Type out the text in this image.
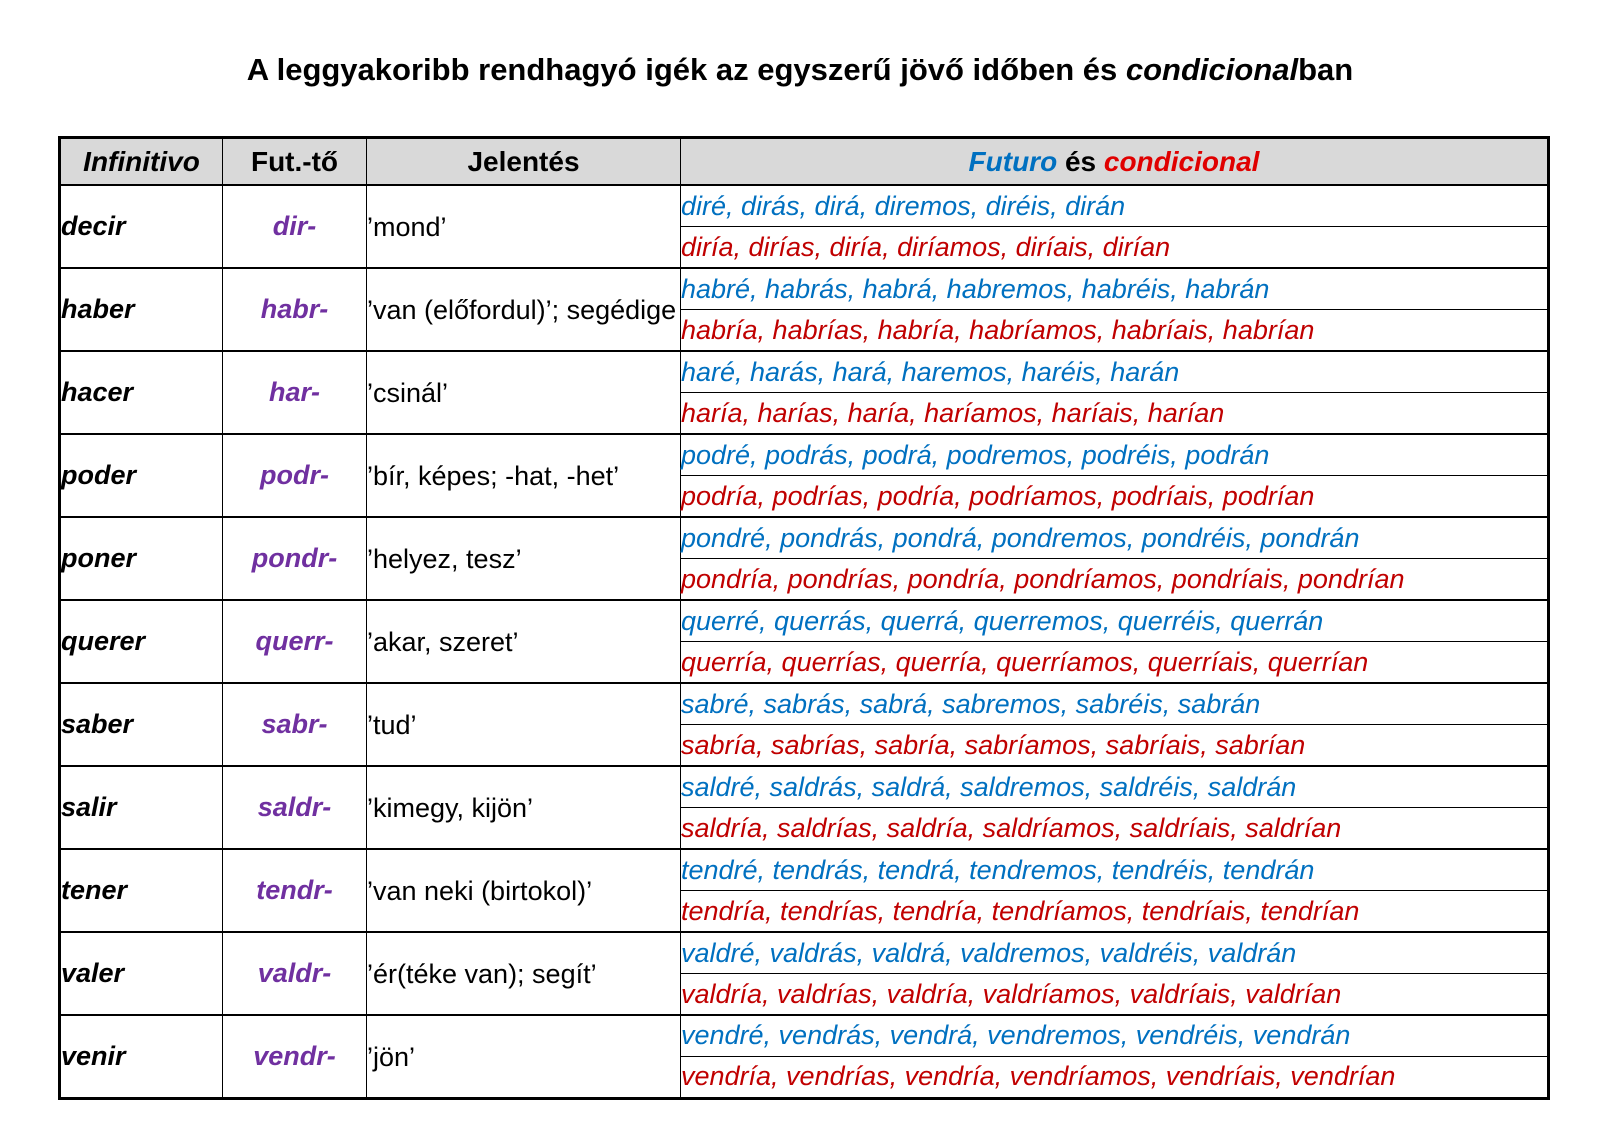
A leggyakoribb rendhagyó igék az egyszerű jövő időben és condicionalban
Infinitivo	Fut.-tő	Jelentés	Futuro és condicional
decir	dir-	’mond’	diré, dirás, dirá, diremos, diréis, dirán
			diría, dirías, diría, diríamos, diríais, dirían
haber	habr-	’van (előfordul)’; segédige	habré, habrás, habrá, habremos, habréis, habrán
			habría, habrías, habría, habríamos, habríais, habrían
hacer	har-	’csinál’	haré, harás, hará, haremos, haréis, harán
			haría, harías, haría, haríamos, haríais, harían
poder	podr-	’bír, képes; -hat, -het’	podré, podrás, podrá, podremos, podréis, podrán
			podría, podrías, podría, podríamos, podríais, podrían
poner	pondr-	’helyez, tesz’	pondré, pondrás, pondrá, pondremos, pondréis, pondrán
			pondría, pondrías, pondría, pondríamos, pondríais, pondrían
querer	querr-	’akar, szeret’	querré, querrás, querrá, querremos, querréis, querrán
			querría, querrías, querría, querríamos, querríais, querrían
saber	sabr-	’tud’	sabré, sabrás, sabrá, sabremos, sabréis, sabrán
			sabría, sabrías, sabría, sabríamos, sabríais, sabrían
salir	saldr-	’kimegy, kijön’	saldré, saldrás, saldrá, saldremos, saldréis, saldrán
			saldría, saldrías, saldría, saldríamos, saldríais, saldrían
tener	tendr-	’van neki (birtokol)’	tendré, tendrás, tendrá, tendremos, tendréis, tendrán
			tendría, tendrías, tendría, tendríamos, tendríais, tendrían
valer	valdr-	’ér(téke van); segít’	valdré, valdrás, valdrá, valdremos, valdréis, valdrán
			valdría, valdrías, valdría, valdríamos, valdríais, valdrían
venir	vendr-	’jön’	vendré, vendrás, vendrá, vendremos, vendréis, vendrán
			vendría, vendrías, vendría, vendríamos, vendríais, vendrían
